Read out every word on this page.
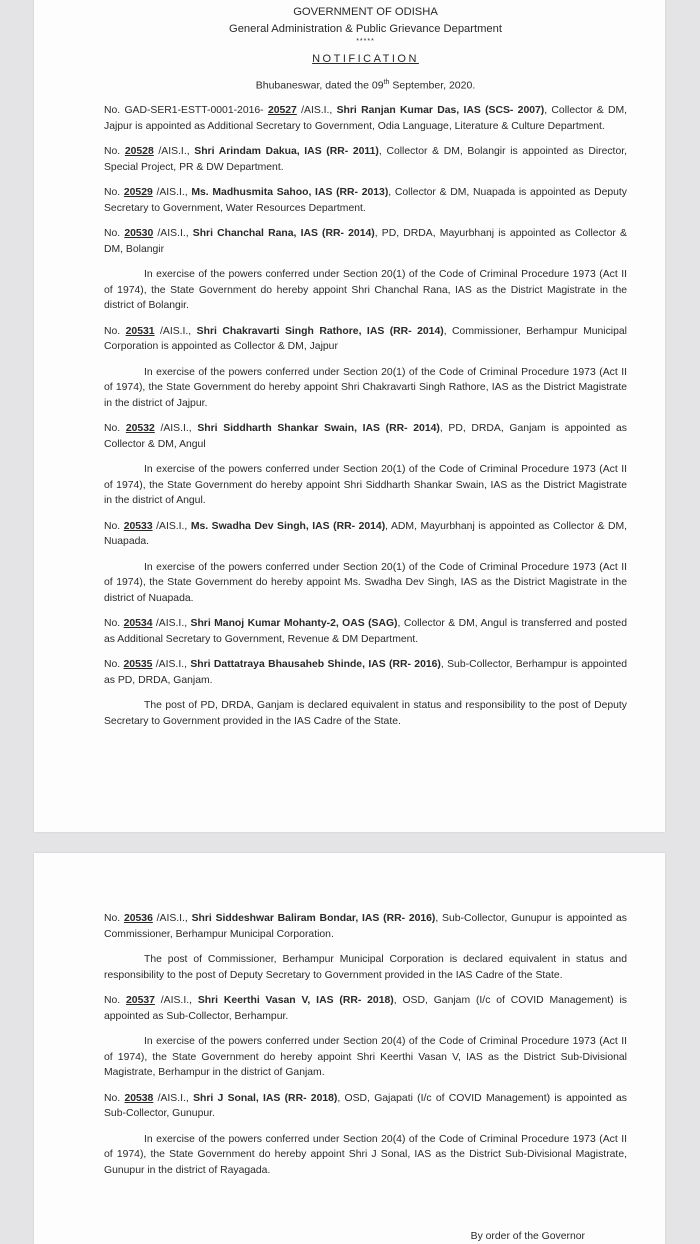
GOVERNMENT OF ODISHA
General Administration & Public Grievance Department
*****
NOTIFICATION
Bhubaneswar, dated the 09th September, 2020.

No. GAD-SER1-ESTT-0001-2016- 20527 /AIS.I., Shri Ranjan Kumar Das, IAS (SCS- 2007), Collector & DM, Jajpur is appointed as Additional Secretary to Government, Odia Language, Literature & Culture Department.

No. 20528 /AIS.I., Shri Arindam Dakua, IAS (RR- 2011), Collector & DM, Bolangir is appointed as Director, Special Project, PR & DW Department.

No. 20529 /AIS.I., Ms. Madhusmita Sahoo, IAS (RR- 2013), Collector & DM, Nuapada is appointed as Deputy Secretary to Government, Water Resources Department.

No. 20530 /AIS.I., Shri Chanchal Rana, IAS (RR- 2014), PD, DRDA, Mayurbhanj is appointed as Collector & DM, Bolangir

In exercise of the powers conferred under Section 20(1) of the Code of Criminal Procedure 1973 (Act II of 1974), the State Government do hereby appoint Shri Chanchal Rana, IAS as the District Magistrate in the district of Bolangir.

No. 20531 /AIS.I., Shri Chakravarti Singh Rathore, IAS (RR- 2014), Commissioner, Berhampur Municipal Corporation is appointed as Collector & DM, Jajpur

In exercise of the powers conferred under Section 20(1) of the Code of Criminal Procedure 1973 (Act II of 1974), the State Government do hereby appoint Shri Chakravarti Singh Rathore, IAS as the District Magistrate in the district of Jajpur.

No. 20532 /AIS.I., Shri Siddharth Shankar Swain, IAS (RR- 2014), PD, DRDA, Ganjam is appointed as Collector & DM, Angul

In exercise of the powers conferred under Section 20(1) of the Code of Criminal Procedure 1973 (Act II of 1974), the State Government do hereby appoint Shri Siddharth Shankar Swain, IAS as the District Magistrate in the district of Angul.

No. 20533 /AIS.I., Ms. Swadha Dev Singh, IAS (RR- 2014), ADM, Mayurbhanj is appointed as Collector & DM, Nuapada.

In exercise of the powers conferred under Section 20(1) of the Code of Criminal Procedure 1973 (Act II of 1974), the State Government do hereby appoint Ms. Swadha Dev Singh, IAS as the District Magistrate in the district of Nuapada.

No. 20534 /AIS.I., Shri Manoj Kumar Mohanty-2, OAS (SAG), Collector & DM, Angul is transferred and posted as Additional Secretary to Government, Revenue & DM Department.

No. 20535 /AIS.I., Shri Dattatraya Bhausaheb Shinde, IAS (RR- 2016), Sub-Collector, Berhampur is appointed as PD, DRDA, Ganjam.

The post of PD, DRDA, Ganjam is declared equivalent in status and responsibility to the post of Deputy Secretary to Government provided in the IAS Cadre of the State.

No. 20536 /AIS.I., Shri Siddeshwar Baliram Bondar, IAS (RR- 2016), Sub-Collector, Gunupur is appointed as Commissioner, Berhampur Municipal Corporation.

The post of Commissioner, Berhampur Municipal Corporation is declared equivalent in status and responsibility to the post of Deputy Secretary to Government provided in the IAS Cadre of the State.

No. 20537 /AIS.I., Shri Keerthi Vasan V, IAS (RR- 2018), OSD, Ganjam (I/c of COVID Management) is appointed as Sub-Collector, Berhampur.

In exercise of the powers conferred under Section 20(4) of the Code of Criminal Procedure 1973 (Act II of 1974), the State Government do hereby appoint Shri Keerthi Vasan V, IAS as the District Sub-Divisional Magistrate, Berhampur in the district of Ganjam.

No. 20538 /AIS.I., Shri J Sonal, IAS (RR- 2018), OSD, Gajapati (I/c of COVID Management) is appointed as Sub-Collector, Gunupur.

In exercise of the powers conferred under Section 20(4) of the Code of Criminal Procedure 1973 (Act II of 1974), the State Government do hereby appoint Shri J Sonal, IAS as the District Sub-Divisional Magistrate, Gunupur in the district of Rayagada.

By order of the Governor
